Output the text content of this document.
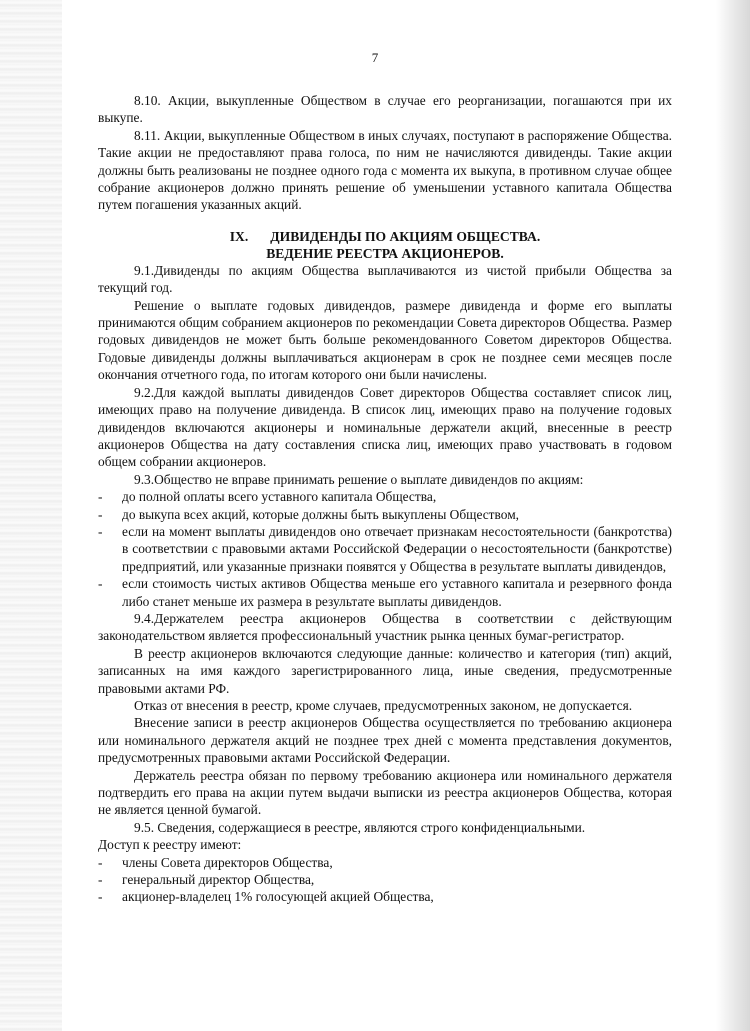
7

8.10. Акции, выкупленные Обществом в случае его реорганизации, погашаются при их выкупе.

8.11. Акции, выкупленные Обществом в иных случаях, поступают в распоряжение Общества. Такие акции не предоставляют права голоса, по ним не начисляются дивиденды. Такие акции должны быть реализованы не позднее одного года с момента их выкупа, в противном случае общее собрание акционеров должно принять решение об уменьшении уставного капитала Общества путем погашения указанных акций.

IX. ДИВИДЕНДЫ ПО АКЦИЯМ ОБЩЕСТВА.
ВЕДЕНИЕ РЕЕСТРА АКЦИОНЕРОВ.

9.1.Дивиденды по акциям Общества выплачиваются из чистой прибыли Общества за текущий год.

Решение о выплате годовых дивидендов, размере дивиденда и форме его выплаты принимаются общим собранием акционеров по рекомендации Совета директоров Общества. Размер годовых дивидендов не может быть больше рекомендованного Советом директоров Общества. Годовые дивиденды должны выплачиваться акционерам в срок не позднее семи месяцев после окончания отчетного года, по итогам которого они были начислены.

9.2.Для каждой выплаты дивидендов Совет директоров Общества составляет список лиц, имеющих право на получение дивиденда. В список лиц, имеющих право на получение годовых дивидендов включаются акционеры и номинальные держатели акций, внесенные в реестр акционеров Общества на дату составления списка лиц, имеющих право участвовать в годовом общем собрании акционеров.

9.3.Общество не вправе принимать решение о выплате дивидендов по акциям:

- до полной оплаты всего уставного капитала Общества,

- до выкупа всех акций, которые должны быть выкуплены Обществом,

- если на момент выплаты дивидендов оно отвечает признакам несостоятельности (банкротства) в соответствии с правовыми актами Российской Федерации о несостоятельности (банкротстве) предприятий, или указанные признаки появятся у Общества в результате выплаты дивидендов,

- если стоимость чистых активов Общества меньше его уставного капитала и резервного фонда либо станет меньше их размера в результате выплаты дивидендов.

9.4.Держателем реестра акционеров Общества в соответствии с действующим законодательством является профессиональный участник рынка ценных бумаг-регистратор.

В реестр акционеров включаются следующие данные: количество и категория (тип) акций, записанных на имя каждого зарегистрированного лица, иные сведения, предусмотренные правовыми актами РФ.

Отказ от внесения в реестр, кроме случаев, предусмотренных законом, не допускается.

Внесение записи в реестр акционеров Общества осуществляется по требованию акционера или номинального держателя акций не позднее трех дней с момента представления документов, предусмотренных правовыми актами Российской Федерации.

Держатель реестра обязан по первому требованию акционера или номинального держателя подтвердить его права на акции путем выдачи выписки из реестра акционеров Общества, которая не является ценной бумагой.

9.5. Сведения, содержащиеся в реестре, являются строго конфиденциальными.

Доступ к реестру имеют:

- члены Совета директоров Общества,

- генеральный директор Общества,

- акционер-владелец 1% голосующей акцией Общества,
